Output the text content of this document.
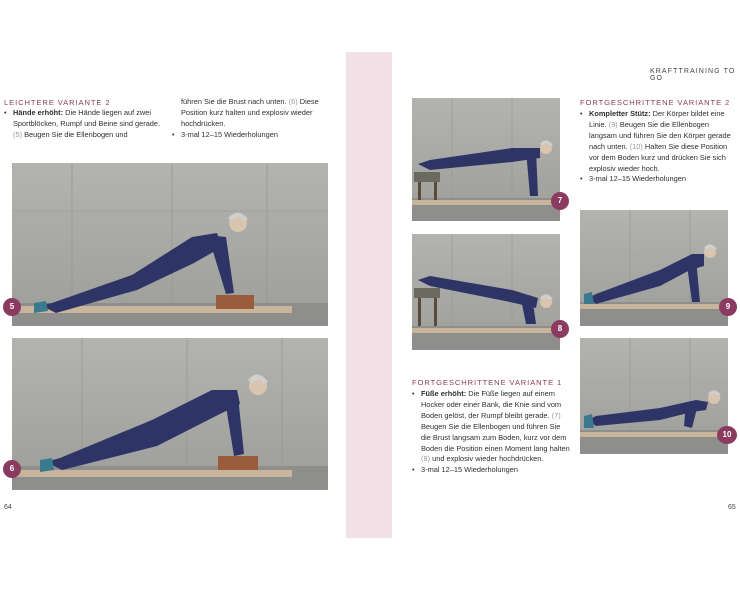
LEICHTERE VARIANTE 2
• Hände erhöht: Die Hände liegen auf zwei Sportblöcken, Rumpf und Beine sind gerade. (5) Beugen Sie die Ellenbogen und
führen Sie die Brust nach unten. (6) Diese Position kurz halten und explosiv wieder hochdrücken.
• 3-mal 12–15 Wiederholungen
5
6
64
KRAFTTRAINING TO GO
7
8
FORTGESCHRITTENE VARIANTE 1
• Füße erhöht: Die Füße liegen auf einem Hocker oder einer Bank, die Knie sind vom Boden gelöst, der Rumpf bleibt gerade. (7) Beugen Sie die Ellenbogen und führen Sie die Brust langsam zum Boden, kurz vor dem Boden die Position einen Moment lang halten (8) und explosiv wieder hochdrücken.
• 3-mal 12–15 Wiederholungen
FORTGESCHRITTENE VARIANTE 2
• Kompletter Stütz: Der Körper bildet eine Linie. (9) Beugen Sie die Ellenbogen langsam und führen Sie den Körper gerade nach unten. (10) Halten Sie diese Position vor dem Boden kurz und drücken Sie sich explosiv wieder hoch.
• 3-mal 12–15 Wiederholungen
9
10
65
